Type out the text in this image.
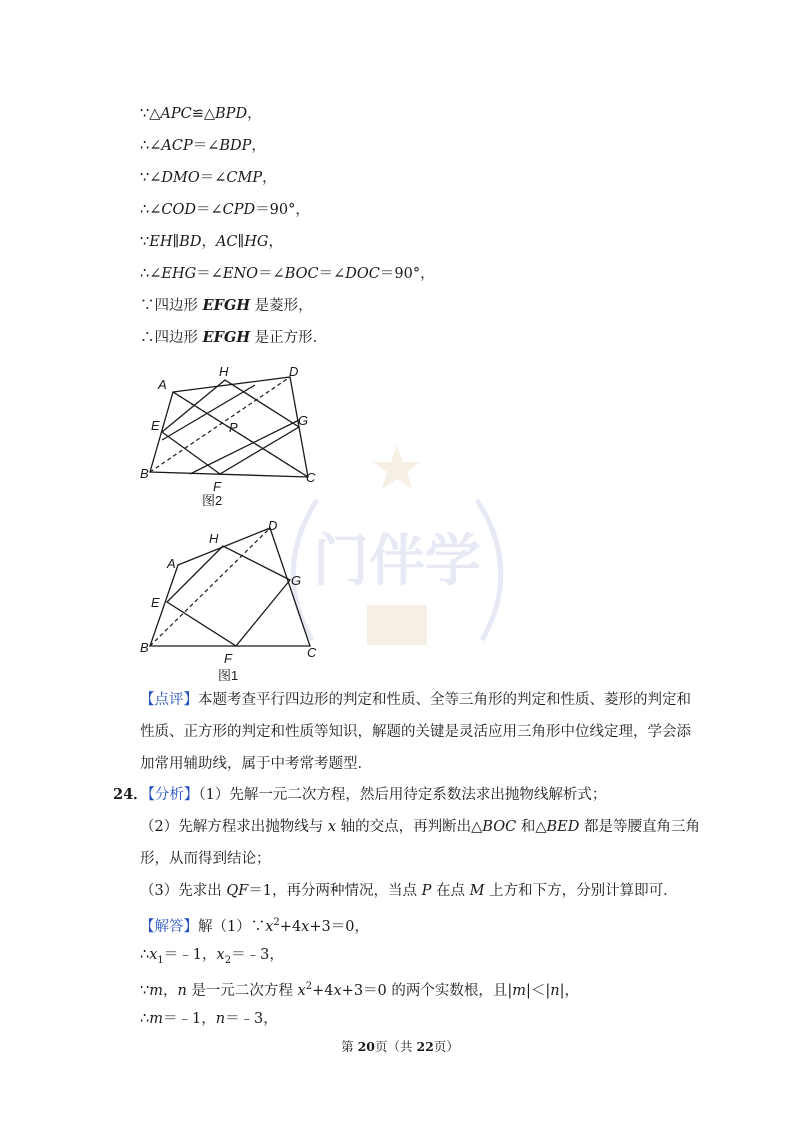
门伴学
∵△APC≌△BPD，
∴∠ACP＝∠BDP，
∵∠DMO＝∠CMP，
∴∠COD＝∠CPD＝90°，
∵EH∥BD，AC∥HG，
∴∠EHG＝∠ENO＝∠BOC＝∠DOC＝90°，
∵四边形 EFGH 是菱形，
∴四边形 EFGH 是正方形．
A
H	D
E	P	G
B
F
C
图2
A
H
D
E
G
B
F	C
图1
【点评】本题考查平行四边形的判定和性质、全等三角形的判定和性质、菱形的判定和
性质、正方形的判定和性质等知识，解题的关键是灵活应用三角形中位线定理，学会添
加常用辅助线，属于中考常考题型．
24．【分析】（1）先解一元二次方程，然后用待定系数法求出抛物线解析式；
（2）先解方程求出抛物线与 x 轴的交点，再判断出△BOC 和△BED 都是等腰直角三角
形，从而得到结论；
（3）先求出 QF＝1，再分两种情况，当点 P 在点 M 上方和下方，分别计算即可．
【解答】解$(1)\because x^2+4x+3=0$，
$\therefore x_1=﹣1$，$x_2=﹣3$，
∵m，n 是一元二次方程 $x^2+4x+3=0$ 的两个实数根，且|m|＜|n|，
∴m＝﹣1，n＝﹣3，
第 20页（共 22页）
